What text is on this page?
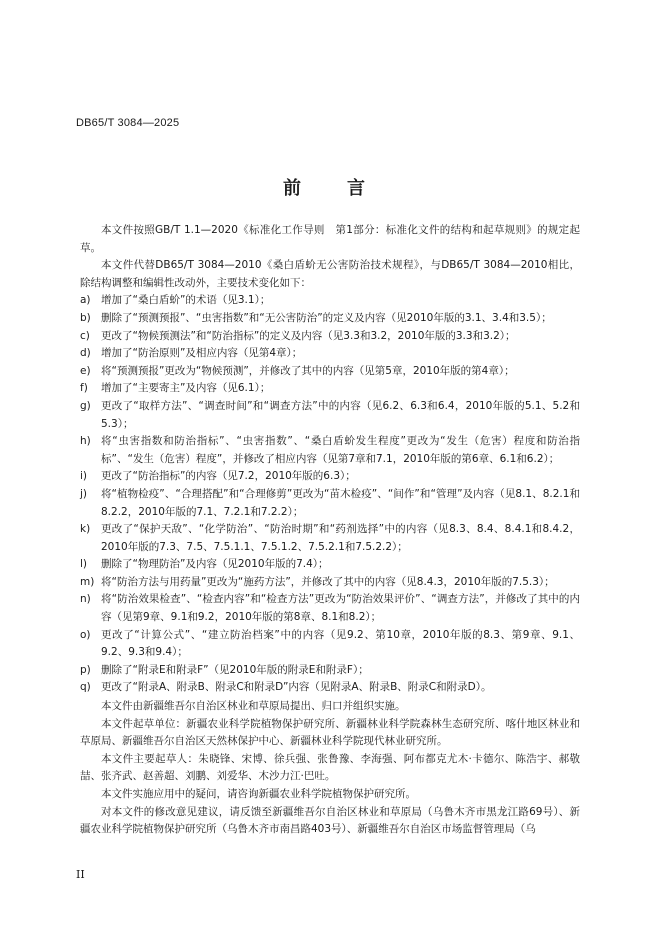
DB65/T 3084—2025
前　言

本文件按照GB/T 1.1—2020《标准化工作导则　第1部分：标准化文件的结构和起草规则》的规定起草。

本文件代替DB65/T 3084—2010《桑白盾蚧无公害防治技术规程》，与DB65/T 3084—2010相比，除结构调整和编辑性改动外，主要技术变化如下：

a) 增加了“桑白盾蚧”的术语（见3.1）；

b) 删除了“预测预报”、“虫害指数”和“无公害防治”的定义及内容（见2010年版的3.1、3.4和3.5）；

c)	更改了“物候预测法”和“防治指标”的定义及内容（见3.3和3.2，2010年版的3.3和3.2）；

d) 增加了“防治原则”及相应内容（见第4章）；

e) 将“预测预报”更改为“物候预测”，并修改了其中的内容（见第5章，2010年版的第4章）；

f)	增加了“主要寄主”及内容（见6.1）；

g) 更改了“取样方法”、“调查时间”和“调查方法”中的内容（见6.2、6.3和6.4，2010年版的5.1、5.2和5.3）；

h) 将“虫害指数和防治指标”、“虫害指数”、“桑白盾蚧发生程度”更改为“发生（危害）程度和防治指标”、“发生（危害）程度”，并修改了相应内容（见第7章和7.1，2010年版的第6章、6.1和6.2）；

i)	更改了“防治指标”的内容（见7.2，2010年版的6.3）；

j)	将“植物检疫”、“合理搭配”和“合理修剪”更改为“苗木检疫”、“间作”和“管理”及内容（见8.1、8.2.1和8.2.2，2010年版的7.1、7.2.1和7.2.2）；

k)	更改了“保护天敌”、“化学防治”、“防治时期”和“药剂选择”中的内容（见8.3、8.4、8.4.1和8.4.2，2010年版的7.3、7.5、7.5.1.1、7.5.1.2、7.5.2.1和7.5.2.2）；

l)	删除了“物理防治”及内容（见2010年版的7.4）；

m) 将“防治方法与用药量”更改为“施药方法”，并修改了其中的内容（见8.4.3，2010年版的7.5.3）；

n) 将“防治效果检查”、“检查内容”和“检查方法”更改为“防治效果评价”、“调查方法”，并修改了其中的内容（见第9章、9.1和9.2，2010年版的第8章、8.1和8.2）；

o) 更改了“计算公式”、“建立防治档案”中的内容（见9.2、第10章，2010年版的8.3、第9章、9.1、9.2、9.3和9.4）；

p) 删除了“附录E和附录F”（见2010年版的附录E和附录F）；

q) 更改了“附录A、附录B、附录C和附录D”内容（见附录A、附录B、附录C和附录D）。

本文件由新疆维吾尔自治区林业和草原局提出、归口并组织实施。

本文件起草单位：新疆农业科学院植物保护研究所、新疆林业科学院森林生态研究所、喀什地区林业和草原局、新疆维吾尔自治区天然林保护中心、新疆林业科学院现代林业研究所。

本文件主要起草人：朱晓锋、宋博、徐兵强、张鲁豫、李海强、阿布都克尤木·卡德尔、陈浩宇、郝敬喆、张齐武、赵善超、刘鹏、刘爱华、木沙力江·巴吐。

本文件实施应用中的疑问，请咨询新疆农业科学院植物保护研究所。

对本文件的修改意见建议，请反馈至新疆维吾尔自治区林业和草原局（乌鲁木齐市黑龙江路69号）、新疆农业科学院植物保护研究所（乌鲁木齐市南昌路403号）、新疆维吾尔自治区市场监督管理局（乌

II
